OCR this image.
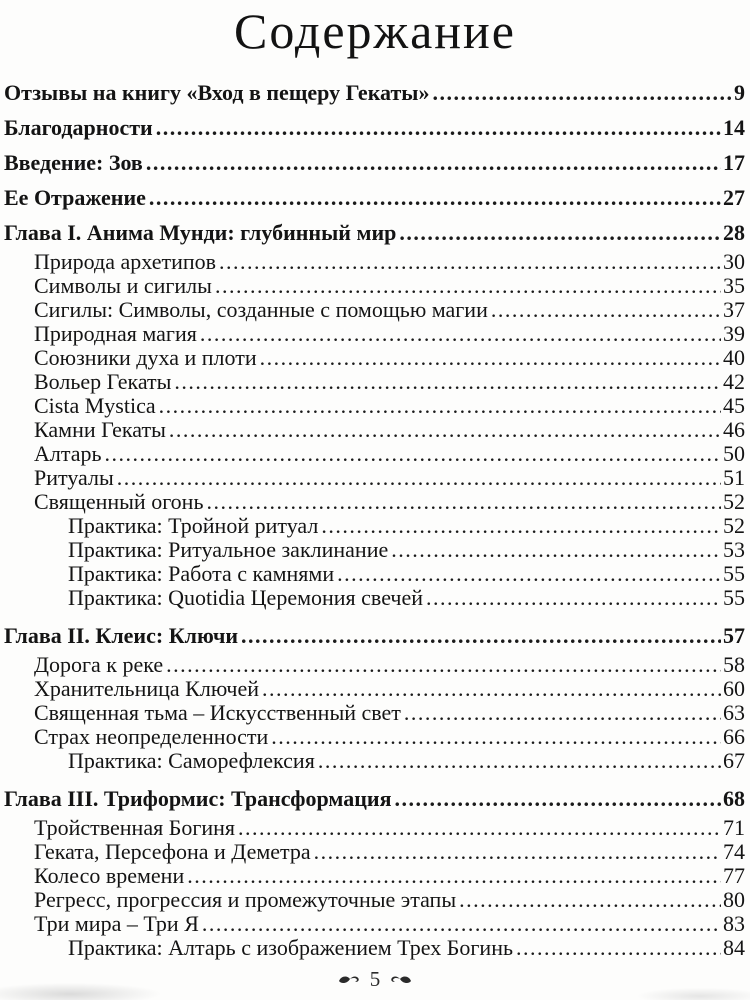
Содержание
Отзывы на книгу «Вход в пещеру Гекаты» .....	9
Благодарности .....	14
Введение: Зов .....	17
Ее Отражение .....	27
Глава I. Анима Мунди: глубинный мир .....	28
Природа архетипов .....	30
Символы и сигилы .....	35
Сигилы: Символы, созданные с помощью магии .....	37
Природная магия .....	39
Союзники духа и плоти .....	40
Вольер Гекаты .....	42
Cista Mystica .....	45
Камни Гекаты .....	46
Алтарь .....	50
Ритуалы .....	51
Священный огонь .....	52
Практика: Тройной ритуал .....	52
Практика: Ритуальное заклинание .....	53
Практика: Работа с камнями .....	55
Практика: Quotidia Церемония свечей .....	55
Глава II. Клеис: Ключи .....	57
Дорога к реке .....	58
Хранительница Ключей .....	60
Священная тьма – Искусственный свет .....	63
Страх неопределенности .....	66
Практика: Саморефлексия .....	67
Глава III. Триформис: Трансформация .....	68
Тройственная Богиня .....	71
Геката, Персефона и Деметра .....	74
Колесо времени .....	77
Регресс, прогрессия и промежуточные этапы .....	80
Три мира – Три Я .....	83
Практика: Алтарь с изображением Трех Богинь .....	84
5
